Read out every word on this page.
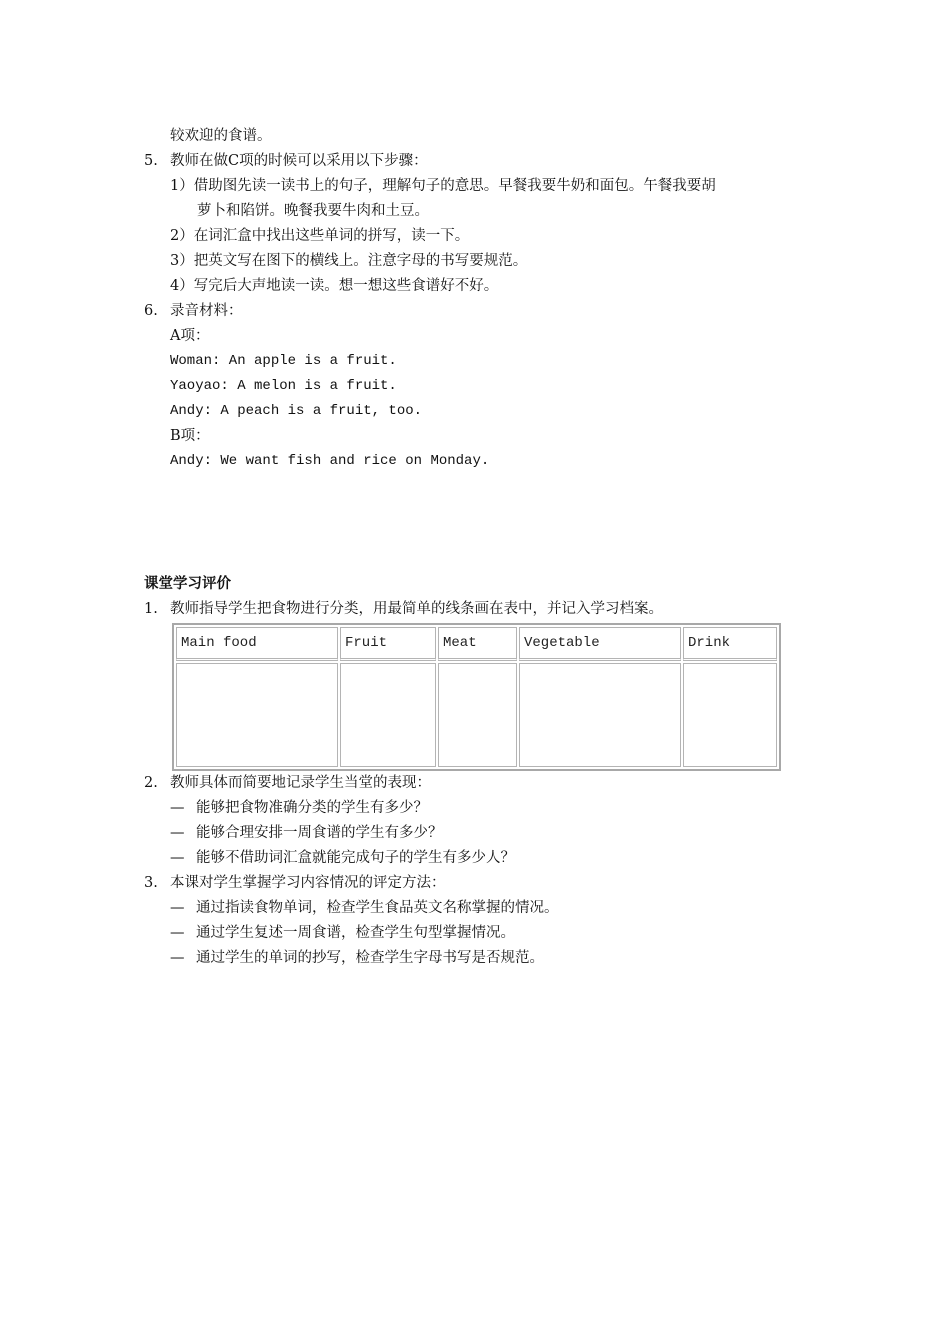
较欢迎的食谱。
5. 教师在做C项的时候可以采用以下步骤：
1）借助图先读一读书上的句子，理解句子的意思。早餐我要牛奶和面包。午餐我要胡
萝卜和陷饼。晚餐我要牛肉和土豆。
2）在词汇盒中找出这些单词的拼写，读一下。
3）把英文写在图下的横线上。注意字母的书写要规范。
4）写完后大声地读一读。想一想这些食谱好不好。
6. 录音材料：
A项：
Woman: An apple is a fruit.
Yaoyao: A melon is a fruit.
Andy: A peach is a fruit, too.
B项：
Andy: We want fish and rice on Monday.
课堂学习评价
1. 教师指导学生把食物进行分类，用最简单的线条画在表中，并记入学习档案。
Main food	Fruit	Meat	Vegetable	Drink

2. 教师具体而简要地记录学生当堂的表现：
— 能够把食物准确分类的学生有多少？
— 能够合理安排一周食谱的学生有多少？
— 能够不借助词汇盒就能完成句子的学生有多少人？
3. 本课对学生掌握学习内容情况的评定方法：
— 通过指读食物单词，检查学生食品英文名称掌握的情况。
— 通过学生复述一周食谱，检查学生句型掌握情况。
— 通过学生的单词的抄写，检查学生字母书写是否规范。
